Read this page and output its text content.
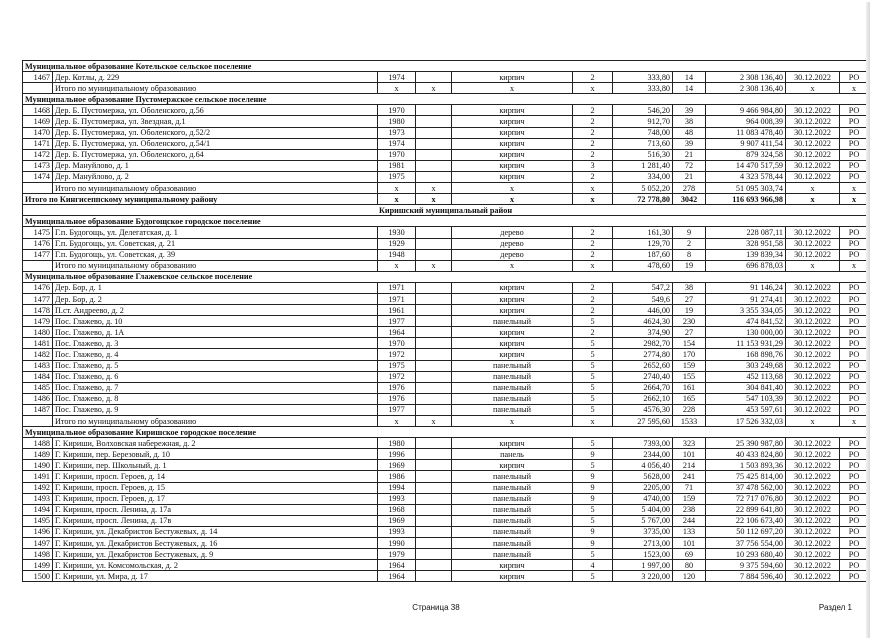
Муниципальное образование Котельское сельское поселение										
1467	Дер. Котлы, д. 229	1974		кирпич	2	333,80	14	2 308 136,40	30.12.2022	РО
	Итого по муниципальному образованию	x	x	x	x	333,80	14	2 308 136,40	x	x
Муниципальное образование Пустомержское сельское поселение										
1468	Дер. Б. Пустомержа, ул. Оболенского, д.56	1970		кирпич	2	546,20	39	9 466 984,80	30.12.2022	РО
1469	Дер. Б. Пустомержа, ул. Звездная, д.1	1980		кирпич	2	912,70	38	964 008,39	30.12.2022	РО
1470	Дер. Б. Пустомержа, ул. Оболенского, д.52/2	1973		кирпич	2	748,00	48	11 083 478,40	30.12.2022	РО
1471	Дер. Б. Пустомержа, ул. Оболенского, д.54/1	1974		кирпич	2	713,60	39	9 907 411,54	30.12.2022	РО
1472	Дер. Б. Пустомержа, ул. Оболенского, д.64	1970		кирпич	2	516,30	21	879 324,58	30.12.2022	РО
1473	Дер. Мануйлово, д. 1	1981		кирпич	3	1 281,40	72	14 470 517,59	30.12.2022	РО
1474	Дер. Мануйлово, д. 2	1975		кирпич	2	334,00	21	4 323 578,44	30.12.2022	РО
	Итого по муниципальному образованию	x	x	x	x	5 052,20	278	51 095 303,74	x	x
Итого по Кингисеппскому муниципальному району		x	x	x	x	72 778,80	3042	116 693 966,98	x	x
Киришский муниципальный район										
Муниципальное образование Будогощское городское поселение										
1475	Г.п. Будогощь, ул. Делегатская, д. 1	1930		дерево	2	161,30	9	228 087,11	30.12.2022	РО
1476	Г.п. Будогощь, ул. Советская, д. 21	1929		дерево	2	129,70	2	328 951,58	30.12.2022	РО
1477	Г.п. Будогощь, ул. Советская, д. 39	1948		дерево	2	187,60	8	139 839,34	30.12.2022	РО
	Итого по муниципальному образованию	x	x	x	x	478,60	19	696 878,03	x	x
Муниципальное образование Глажевское сельское поселение										
1476	Дер. Бор, д. 1	1971		кирпич	2	547,2	38	91 146,24	30.12.2022	РО
1477	Дер. Бор, д. 2	1971		кирпич	2	549,6	27	91 274,41	30.12.2022	РО
1478	П.ст. Андреево, д. 2	1961		кирпич	2	446,00	19	3 355 334,05	30.12.2022	РО
1479	Пос. Глажево, д. 10	1977		панельный	5	4624,30	230	474 841,52	30.12.2022	РО
1480	Пос. Глажево, д. 1А	1964		кирпич	2	374,90	27	130 000,00	30.12.2022	РО
1481	Пос. Глажево, д. 3	1970		кирпич	5	2982,70	154	11 153 931,29	30.12.2022	РО
1482	Пос. Глажево, д. 4	1972		кирпич	5	2774,80	170	168 898,76	30.12.2022	РО
1483	Пос. Глажево, д. 5	1975		панельный	5	2652,60	159	303 249,68	30.12.2022	РО
1484	Пос. Глажево, д. 6	1972		панельный	5	2740,40	155	452 113,68	30.12.2022	РО
1485	Пос. Глажево, д. 7	1976		панельный	5	2664,70	161	304 841,40	30.12.2022	РО
1486	Пос. Глажево, д. 8	1976		панельный	5	2662,10	165	547 103,39	30.12.2022	РО
1487	Пос. Глажево, д. 9	1977		панельный	5	4576,30	228	453 597,61	30.12.2022	РО
	Итого по муниципальному образованию	x	x	x	x	27 595,60	1533	17 526 332,03	x	x
Муниципальное образование Киришское городское поселение										
1488	Г. Кириши, Волховская набережная, д. 2	1980		кирпич	5	7393,00	323	25 390 987,80	30.12.2022	РО
1489	Г. Кириши, пер. Березовый, д. 10	1996		панель	9	2344,00	101	40 433 824,80	30.12.2022	РО
1490	Г. Кириши, пер. Школьный, д. 1	1969		кирпич	5	4 056,40	214	1 503 893,36	30.12.2022	РО
1491	Г. Кириши, просп. Героев, д. 14	1986		панельный	9	5628,00	241	75 425 814,00	30.12.2022	РО
1492	Г. Кириши, просп. Героев, д. 15	1994		панельный	9	2205,00	71	37 478 562,00	30.12.2022	РО
1493	Г. Кириши, просп. Героев, д. 17	1993		панельный	9	4740,00	159	72 717 076,80	30.12.2022	РО
1494	Г. Кириши, просп. Ленина, д. 17а	1968		панельный	5	5 404,00	238	22 899 641,80	30.12.2022	РО
1495	Г. Кириши, просп. Ленина, д. 17в	1969		панельный	5	5 767,00	244	22 106 673,40	30.12.2022	РО
1496	Г. Кириши, ул. Декабристов Бестужевых, д. 14	1993		панельный	9	3735,00	133	50 112 697,20	30.12.2022	РО
1497	Г. Кириши, ул. Декабристов Бестужевых, д. 16	1990		панельный	9	2713,00	101	37 756 554,00	30.12.2022	РО
1498	Г. Кириши, ул. Декабристов Бестужевых, д. 9	1979		панельный	5	1523,00	69	10 293 680,40	30.12.2022	РО
1499	Г. Кириши, ул. Комсомольская, д. 2	1964		кирпич	4	1 997,00	80	9 375 594,60	30.12.2022	РО
1500	Г. Кириши, ул. Мира, д. 17	1964		кирпич	5	3 220,00	120	7 884 596,40	30.12.2022	РО
Страница 38	Раздел 1
